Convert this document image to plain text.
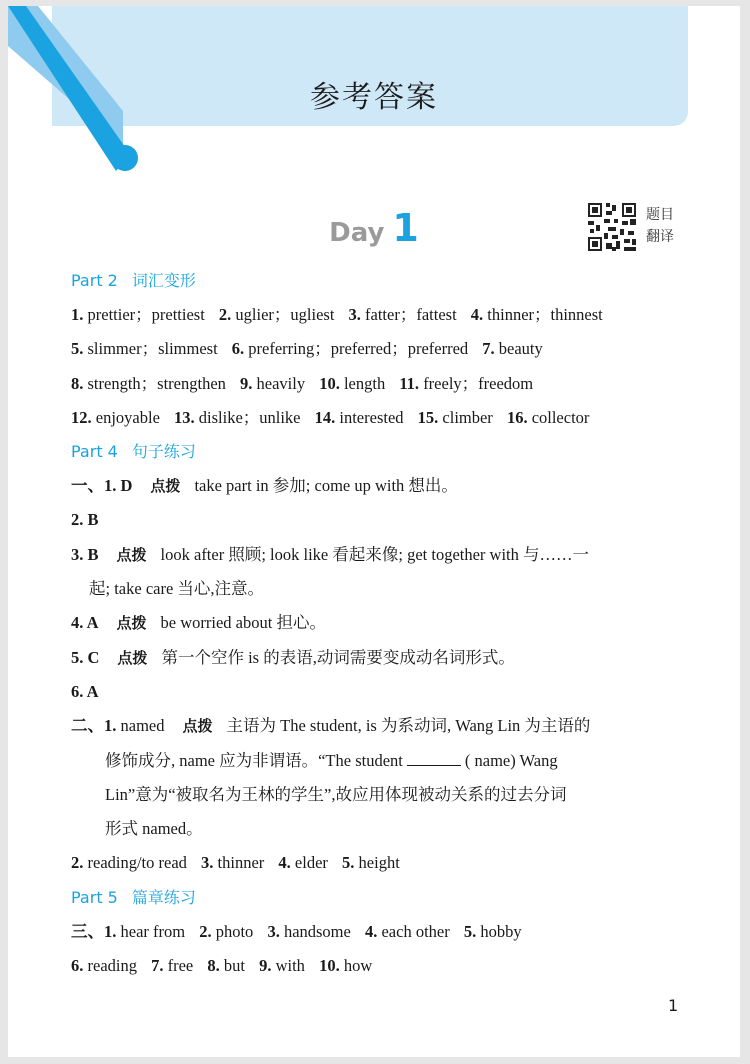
参考答案
Day 1	题目
翻译
Part 2 词汇变形
1. prettier；prettiest 2. uglier；ugliest 3. fatter；fattest 4. thinner；thinnest
5. slimmer；slimmest 6. preferring；preferred；preferred 7. beauty
8. strength；strengthen 9. heavily 10. length 11. freely；freedom
12. enjoyable 13. dislike；unlike 14. interested 15. climber 16. collector
Part 4 句子练习
一、1. D 点拨 take part in 参加; come up with 想出。
2. B
3. B 点拨 look after 照顾; look like 看起来像; get together with 与……一
起; take care 当心,注意。
4. A 点拨 be worried about 担心。
5. C 点拨 第一个空作 is 的表语,动词需要变成动名词形式。
6. A
二、1. named 点拨 主语为 The student, is 为系动词, Wang Lin 为主语的
修饰成分, name 应为非谓语。“The student	( name) Wang
Lin”意为“被取名为王林的学生”,故应用体现被动关系的过去分词
形式 named。
2. reading/to read 3. thinner 4. elder 5. height
Part 5 篇章练习
三、1. hear from 2. photo 3. handsome 4. each other 5. hobby
6. reading 7. free 8. but 9. with 10. how
1
